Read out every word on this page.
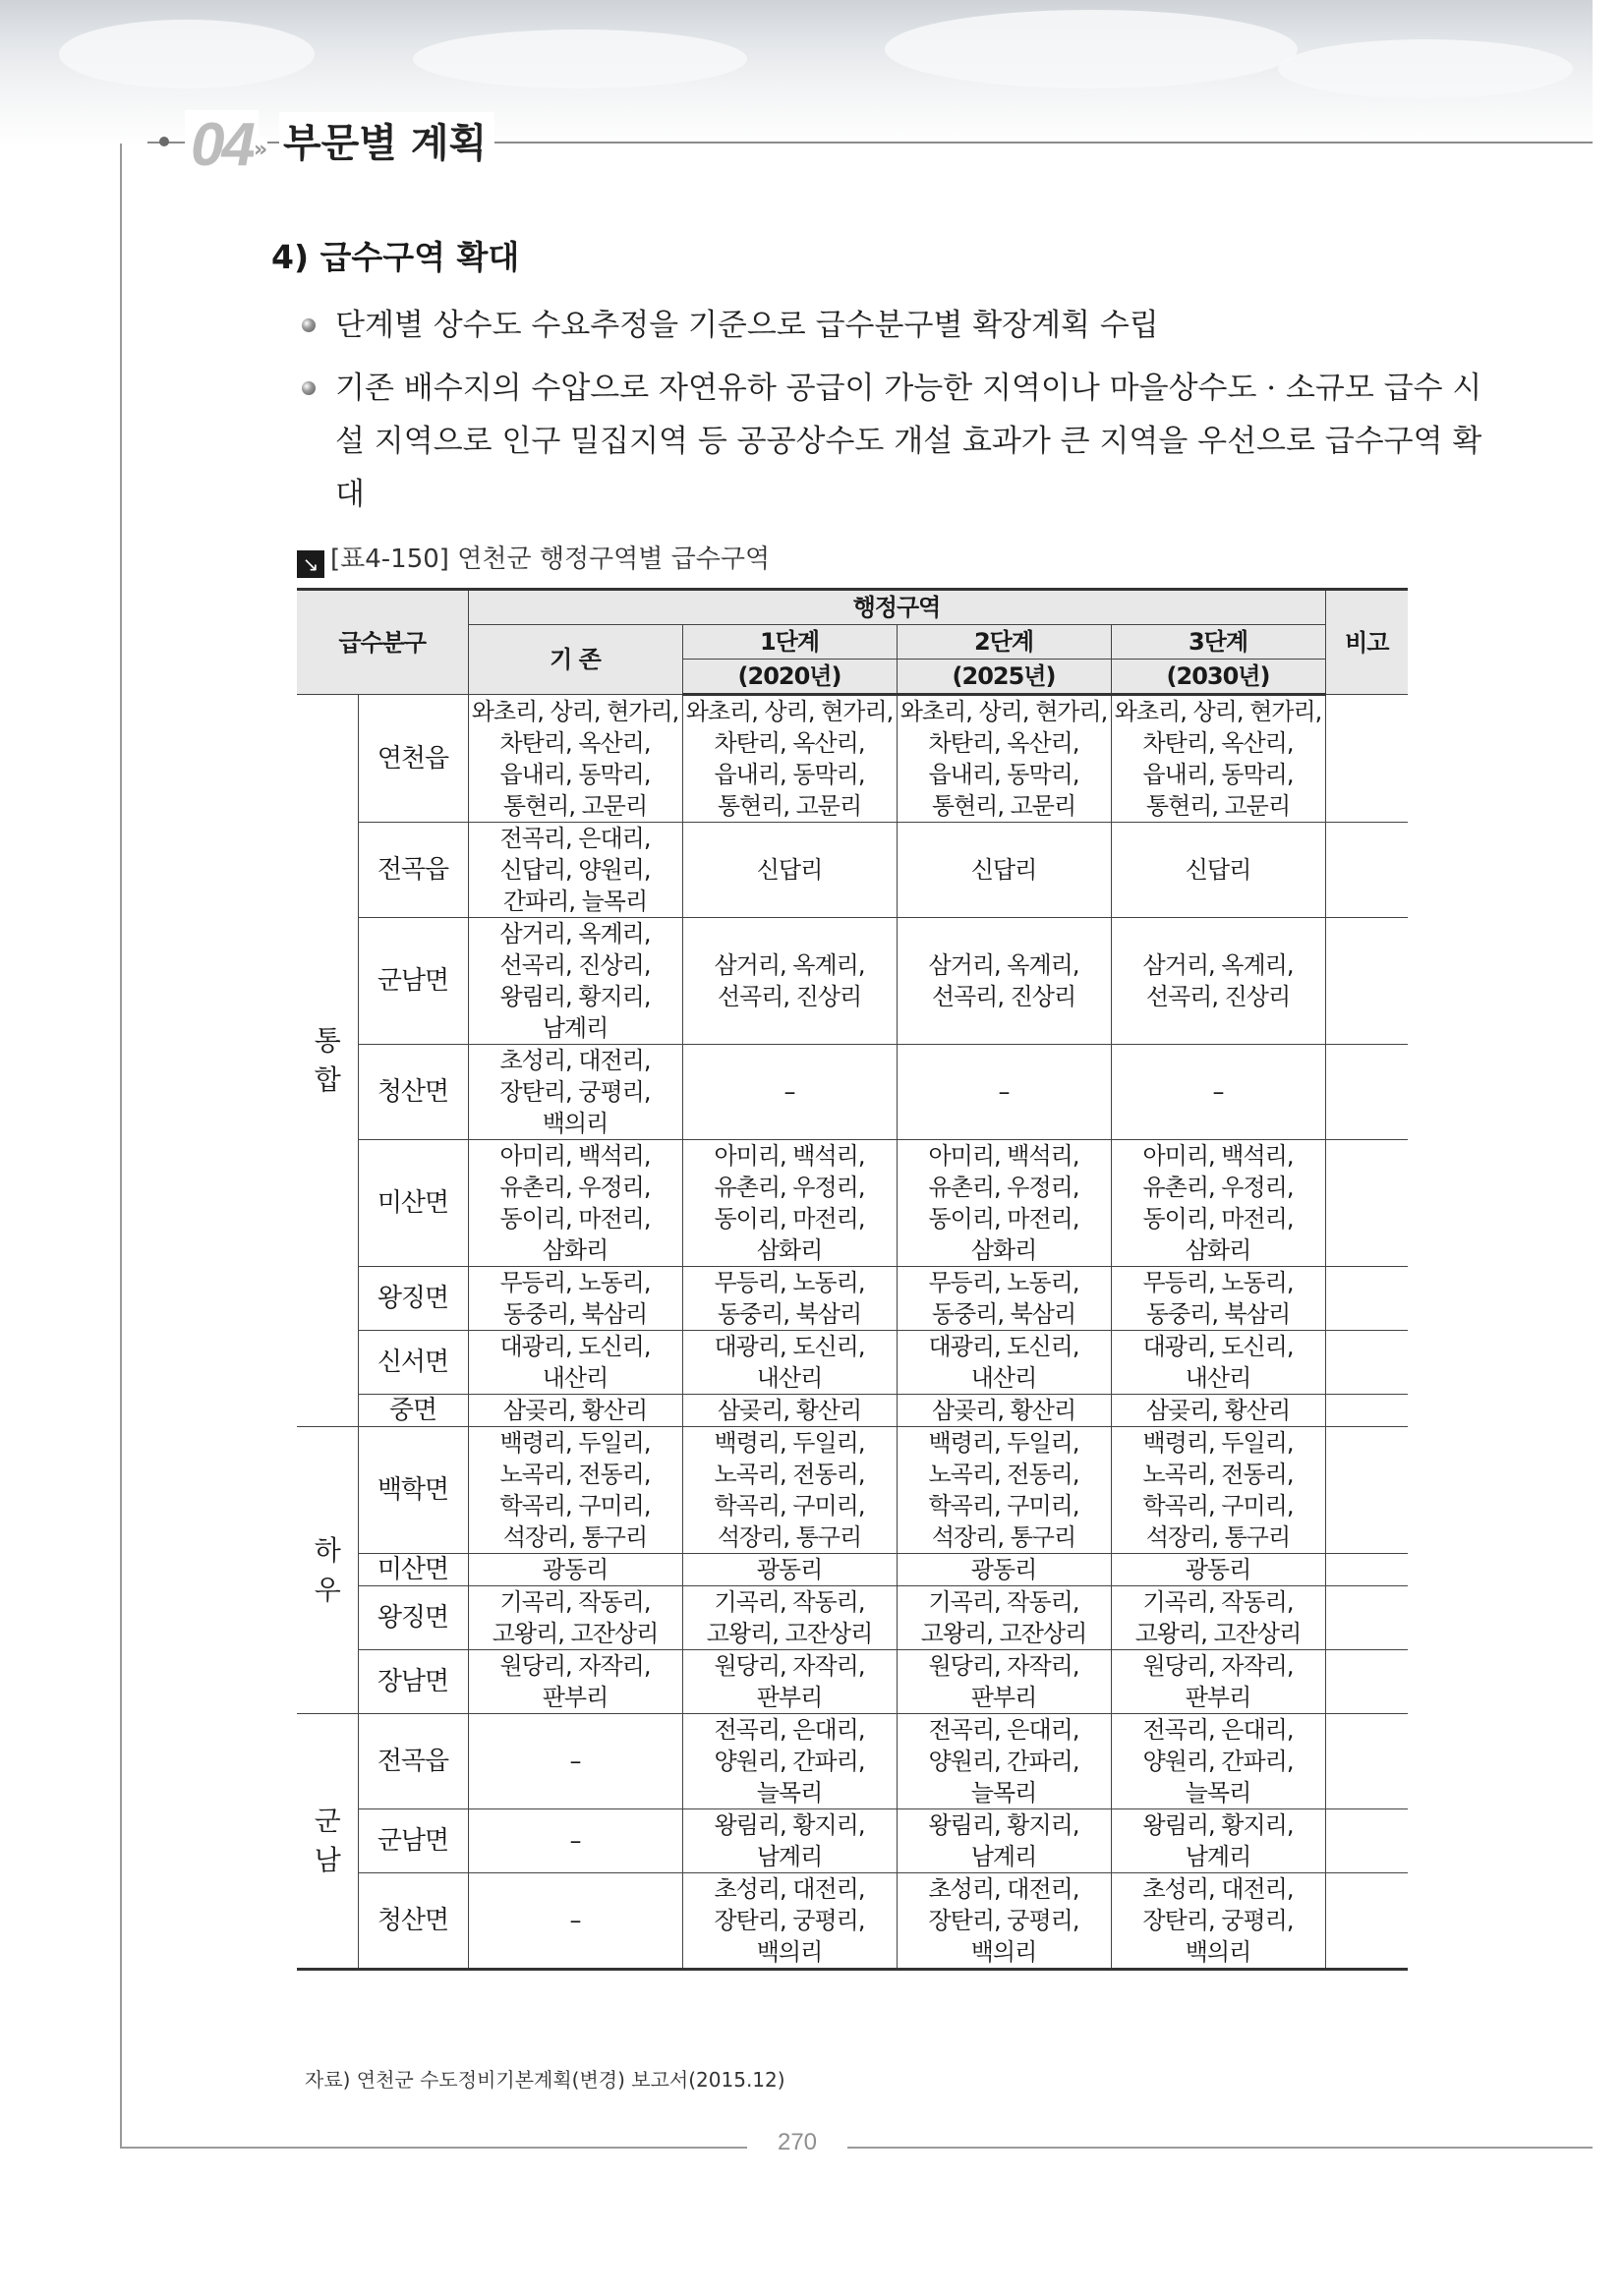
04 » 부문별 계획
4) 급수구역 확대
단계별 상수도 수요추정을 기준으로 급수분구별 확장계획 수립
기존 배수지의 수압으로 자연유하 공급이 가능한 지역이나 마을상수도 · 소규모 급수 시설 지역으로 인구 밀집지역 등 공공상수도 개설 효과가 큰 지역을 우선으로 급수구역 확대
↘ [표4-150] 연천군 행정구역별 급수구역
급수분구		행정구역				비고
		기 존	1단계	2단계	3단계	
			(2020년)	(2025년)	(2030년)	
통
합	연천읍	와초리, 상리, 현가리,
차탄리, 옥산리,
읍내리, 동막리,
통현리, 고문리	와초리, 상리, 현가리,
차탄리, 옥산리,
읍내리, 동막리,
통현리, 고문리	와초리, 상리, 현가리,
차탄리, 옥산리,
읍내리, 동막리,
통현리, 고문리	와초리, 상리, 현가리,
차탄리, 옥산리,
읍내리, 동막리,
통현리, 고문리	
	전곡읍	전곡리, 은대리,
신답리, 양원리,
간파리, 늘목리	신답리	신답리	신답리	
	군남면	삼거리, 옥계리,
선곡리, 진상리,
왕림리, 황지리,
남계리	삼거리, 옥계리,
선곡리, 진상리	삼거리, 옥계리,
선곡리, 진상리	삼거리, 옥계리,
선곡리, 진상리	
	청산면	초성리, 대전리,
장탄리, 궁평리,
백의리	–	–	–	
	미산면	아미리, 백석리,
유촌리, 우정리,
동이리, 마전리,
삼화리	아미리, 백석리,
유촌리, 우정리,
동이리, 마전리,
삼화리	아미리, 백석리,
유촌리, 우정리,
동이리, 마전리,
삼화리	아미리, 백석리,
유촌리, 우정리,
동이리, 마전리,
삼화리	
	왕징면	무등리, 노동리,
동중리, 북삼리	무등리, 노동리,
동중리, 북삼리	무등리, 노동리,
동중리, 북삼리	무등리, 노동리,
동중리, 북삼리	
	신서면	대광리, 도신리,
내산리	대광리, 도신리,
내산리	대광리, 도신리,
내산리	대광리, 도신리,
내산리	
	중면	삼곶리, 황산리	삼곶리, 황산리	삼곶리, 황산리	삼곶리, 황산리	
하
우	백학면	백령리, 두일리,
노곡리, 전동리,
학곡리, 구미리,
석장리, 통구리	백령리, 두일리,
노곡리, 전동리,
학곡리, 구미리,
석장리, 통구리	백령리, 두일리,
노곡리, 전동리,
학곡리, 구미리,
석장리, 통구리	백령리, 두일리,
노곡리, 전동리,
학곡리, 구미리,
석장리, 통구리	
	미산면	광동리	광동리	광동리	광동리	
	왕징면	기곡리, 작동리,
고왕리, 고잔상리	기곡리, 작동리,
고왕리, 고잔상리	기곡리, 작동리,
고왕리, 고잔상리	기곡리, 작동리,
고왕리, 고잔상리	
	장남면	원당리, 자작리,
판부리	원당리, 자작리,
판부리	원당리, 자작리,
판부리	원당리, 자작리,
판부리	
군
남	전곡읍	–	전곡리, 은대리,
양원리, 간파리,
늘목리	전곡리, 은대리,
양원리, 간파리,
늘목리	전곡리, 은대리,
양원리, 간파리,
늘목리	
	군남면	–	왕림리, 황지리,
남계리	왕림리, 황지리,
남계리	왕림리, 황지리,
남계리	
	청산면	–	초성리, 대전리,
장탄리, 궁평리,
백의리	초성리, 대전리,
장탄리, 궁평리,
백의리	초성리, 대전리,
장탄리, 궁평리,
백의리	
자료) 연천군 수도정비기본계획(변경) 보고서(2015.12)
270
